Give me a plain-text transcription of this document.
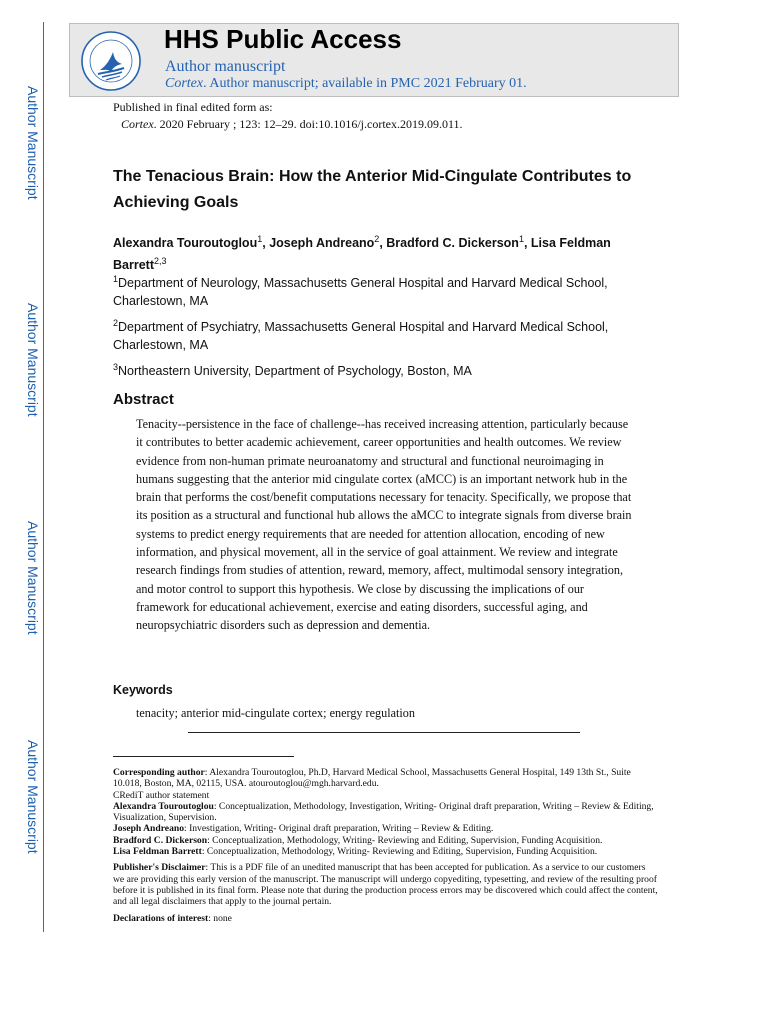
Author Manuscript
Author Manuscript
Author Manuscript
Author Manuscript
HHS Public Access
Author manuscript
Cortex. Author manuscript; available in PMC 2021 February 01.
Published in final edited form as:
Cortex. 2020 February ; 123: 12–29. doi:10.1016/j.cortex.2019.09.011.
The Tenacious Brain: How the Anterior Mid-Cingulate Contributes to Achieving Goals
Alexandra Touroutoglou$^1$, Joseph Andreano$^2$, Bradford C. Dickerson$^1$, Lisa Feldman Barrett$^{2,3}$
$^1$Department of Neurology, Massachusetts General Hospital and Harvard Medical School, Charlestown, MA
$^2$Department of Psychiatry, Massachusetts General Hospital and Harvard Medical School, Charlestown, MA
$^3$Northeastern University, Department of Psychology, Boston, MA
Abstract
Tenacity--persistence in the face of challenge--has received increasing attention, particularly because it contributes to better academic achievement, career opportunities and health outcomes. We review evidence from non-human primate neuroanatomy and structural and functional neuroimaging in humans suggesting that the anterior mid cingulate cortex (aMCC) is an important network hub in the brain that performs the cost/benefit computations necessary for tenacity. Specifically, we propose that its position as a structural and functional hub allows the aMCC to integrate signals from diverse brain systems to predict energy requirements that are needed for attention allocation, encoding of new information, and physical movement, all in the service of goal attainment. We review and integrate research findings from studies of attention, reward, memory, affect, multimodal sensory integration, and motor control to support this hypothesis. We close by discussing the implications of our framework for educational achievement, exercise and eating disorders, successful aging, and neuropsychiatric disorders such as depression and dementia.
Keywords
tenacity; anterior mid-cingulate cortex; energy regulation

Corresponding author: Alexandra Touroutoglou, Ph.D, Harvard Medical School, Massachusetts General Hospital, 149 13th St., Suite 10.018, Boston, MA, 02115, USA. atouroutoglou@mgh.harvard.edu.

CRediT author statement

Alexandra Touroutoglou: Conceptualization, Methodology, Investigation, Writing- Original draft preparation, Writing – Review & Editing, Visualization, Supervision.

Joseph Andreano: Investigation, Writing- Original draft preparation, Writing – Review & Editing.

Bradford C. Dickerson: Conceptualization, Methodology, Writing- Reviewing and Editing, Supervision, Funding Acquisition.

Lisa Feldman Barrett: Conceptualization, Methodology, Writing- Reviewing and Editing, Supervision, Funding Acquisition.

Publisher's Disclaimer: This is a PDF file of an unedited manuscript that has been accepted for publication. As a service to our customers we are providing this early version of the manuscript. The manuscript will undergo copyediting, typesetting, and review of the resulting proof before it is published in its final form. Please note that during the production process errors may be discovered which could affect the content, and all legal disclaimers that apply to the journal pertain.

Declarations of interest: none
